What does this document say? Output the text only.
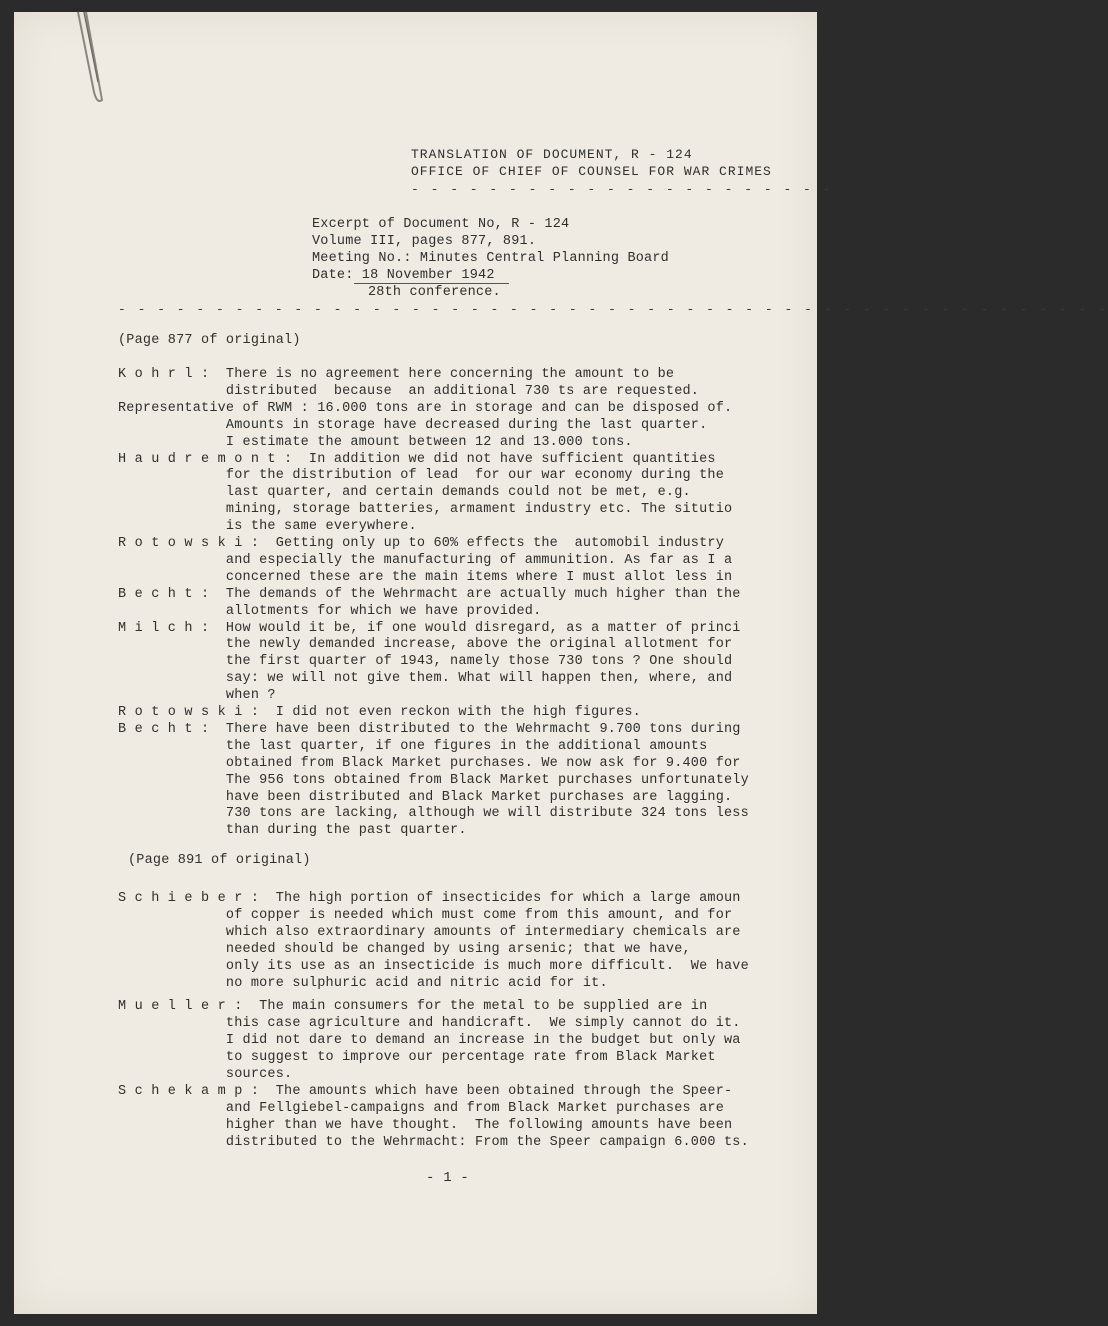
TRANSLATION OF DOCUMENT, R - 124
OFFICE OF CHIEF OF COUNSEL FOR WAR CRIMES
- - - - - - - - - - - - - - - - - - - - - -
Excerpt of Document No, R - 124
Volume III, pages 877, 891.
Meeting No.: Minutes Central Planning Board
Date: 18 November 1942
28th conference.
- - - - - - - - - - - - - - - - - - - - - - - - - - - - - - - - - - - - - - - - - - - - - - - - - - -
(Page 877 of original)
K o h r l :  There is no agreement here concerning the amount to be
distributed  because  an additional 730 ts are requested.
Representative of RWM : 16.000 tons are in storage and can be disposed of.
Amounts in storage have decreased during the last quarter.
I estimate the amount between 12 and 13.000 tons.
H a u d r e m o n t :  In addition we did not have sufficient quantities
for the distribution of lead  for our war economy during the
last quarter, and certain demands could not be met, e.g.
mining, storage batteries, armament industry etc. The situtio
is the same everywhere.
R o t o w s k i :  Getting only up to 60% effects the  automobil industry
and especially the manufacturing of ammunition. As far as I a
concerned these are the main items where I must allot less in
B e c h t :  The demands of the Wehrmacht are actually much higher than the
allotments for which we have provided.
M i l c h :  How would it be, if one would disregard, as a matter of princi
the newly demanded increase, above the original allotment for
the first quarter of 1943, namely those 730 tons ? One should
say: we will not give them. What will happen then, where, and
when ?
R o t o w s k i :  I did not even reckon with the high figures.
B e c h t :  There have been distributed to the Wehrmacht 9.700 tons during
the last quarter, if one figures in the additional amounts
obtained from Black Market purchases. We now ask for 9.400 for
The 956 tons obtained from Black Market purchases unfortunately
have been distributed and Black Market purchases are lagging.
730 tons are lacking, although we will distribute 324 tons less
than during the past quarter.
(Page 891 of original)
S c h i e b e r :  The high portion of insecticides for which a large amoun
of copper is needed which must come from this amount, and for
which also extraordinary amounts of intermediary chemicals are
needed should be changed by using arsenic; that we have,
only its use as an insecticide is much more difficult.  We have
no more sulphuric acid and nitric acid for it.
M u e l l e r :  The main consumers for the metal to be supplied are in
this case agriculture and handicraft.  We simply cannot do it.
I did not dare to demand an increase in the budget but only wa
to suggest to improve our percentage rate from Black Market
sources.
S c h e k a m p :  The amounts which have been obtained through the Speer-
and Fellgiebel-campaigns and from Black Market purchases are
higher than we have thought.  The following amounts have been
distributed to the Wehrmacht: From the Speer campaign 6.000 ts.
- 1 -
